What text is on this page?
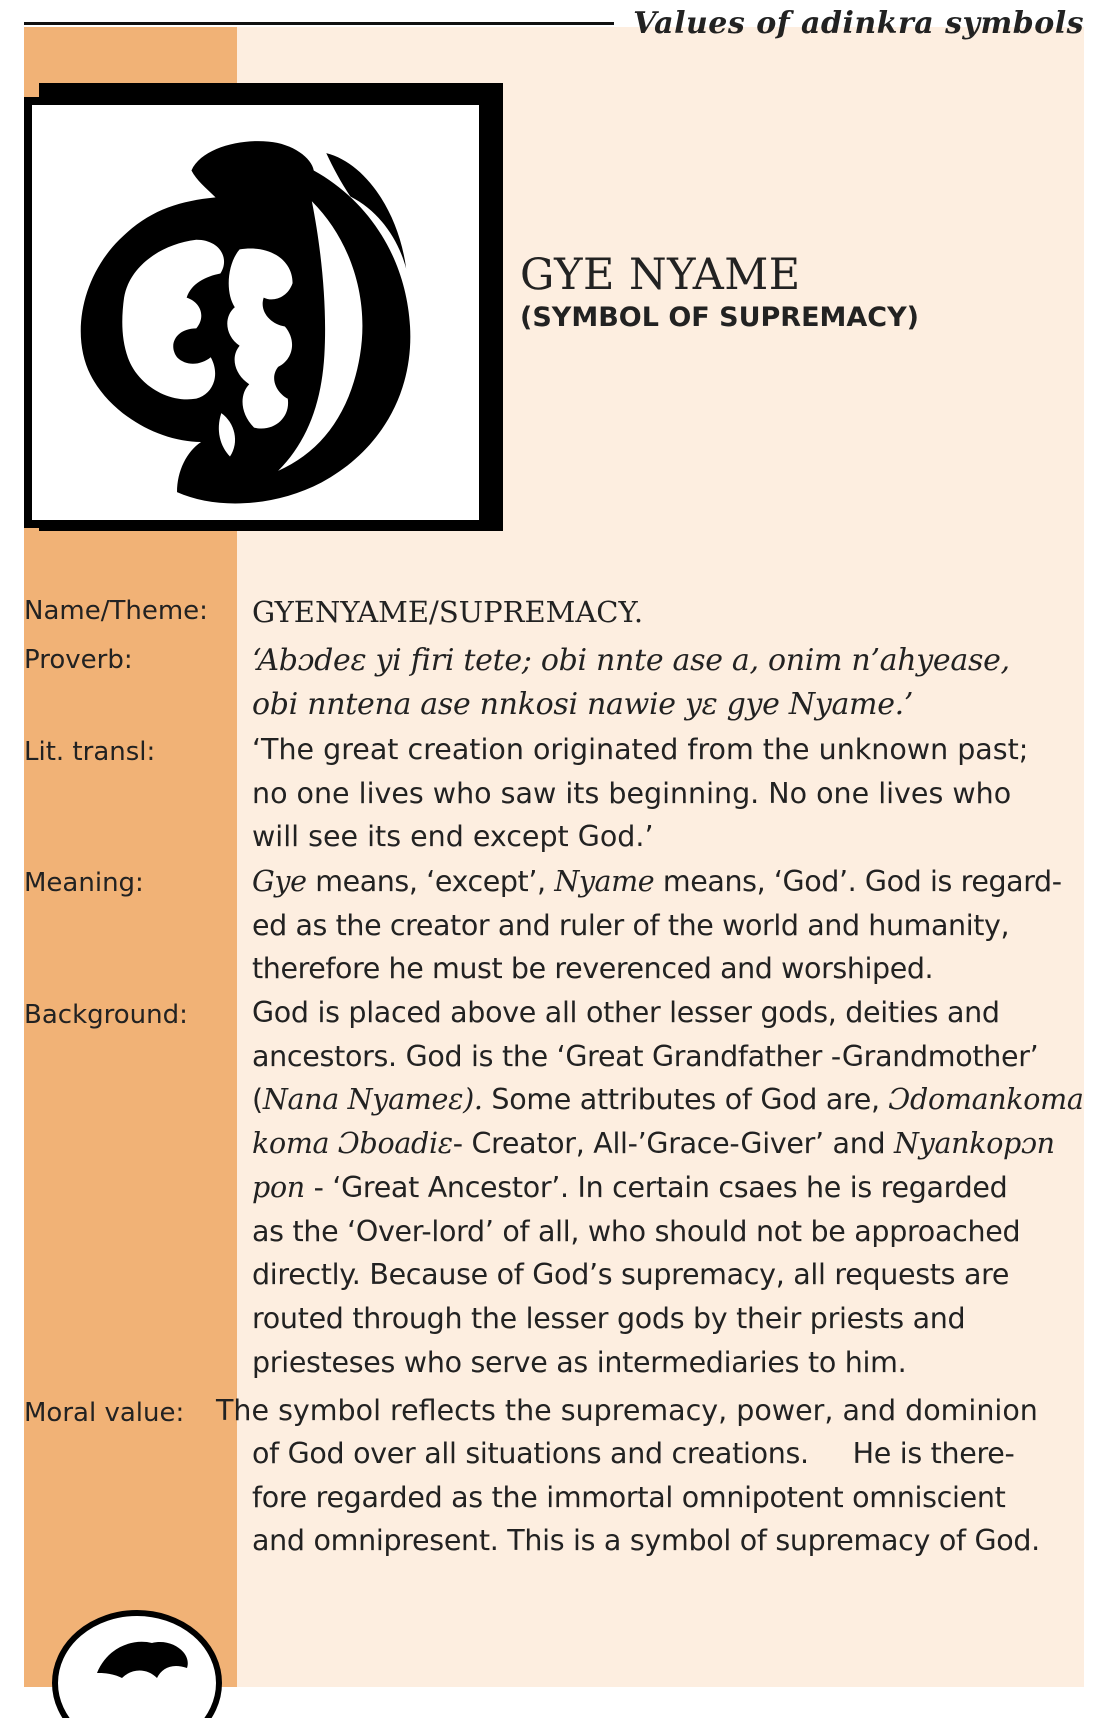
Values of adinkra symbols
GYE NYAME
(SYMBOL OF SUPREMACY)
Name/Theme:
Proverb:
Lit. transl:
Meaning:
Background:
Moral value:
GYENYAME/SUPREMACY.
‘Abɔdeɛ yi firi tete; obi nnte ase a, onim n’ahyease,
obi nntena ase nnkosi nawie yɛ gye Nyame.’
‘The great creation originated from the unknown past;
no one lives who saw its beginning. No one lives who
will see its end except God.’
Gye means, ‘except’, Nyame means, ‘God’. God is regard-
ed as the creator and ruler of the world and humanity,
therefore he must be reverenced and worshiped.
God is placed above all other lesser gods, deities and
ancestors. God is the ‘Great Grandfather -Grandmother’
(Nana Nyameɛ). Some attributes of God are, Ɔdomankoma
koma Ɔboadiɛ- Creator, All-’Grace-Giver’ and Nyankopɔn
pon - ‘Great Ancestor’. In certain csaes he is regarded
as the ‘Over-lord’ of all, who should not be approached
directly. Because of God’s supremacy, all requests are
routed through the lesser gods by their priests and
priesteses who serve as intermediaries to him.
The symbol reflects the supremacy, power, and dominion
of God over all situations and creations.     He is there-
fore regarded as the immortal omnipotent omniscient
and omnipresent. This is a symbol of supremacy of God.
